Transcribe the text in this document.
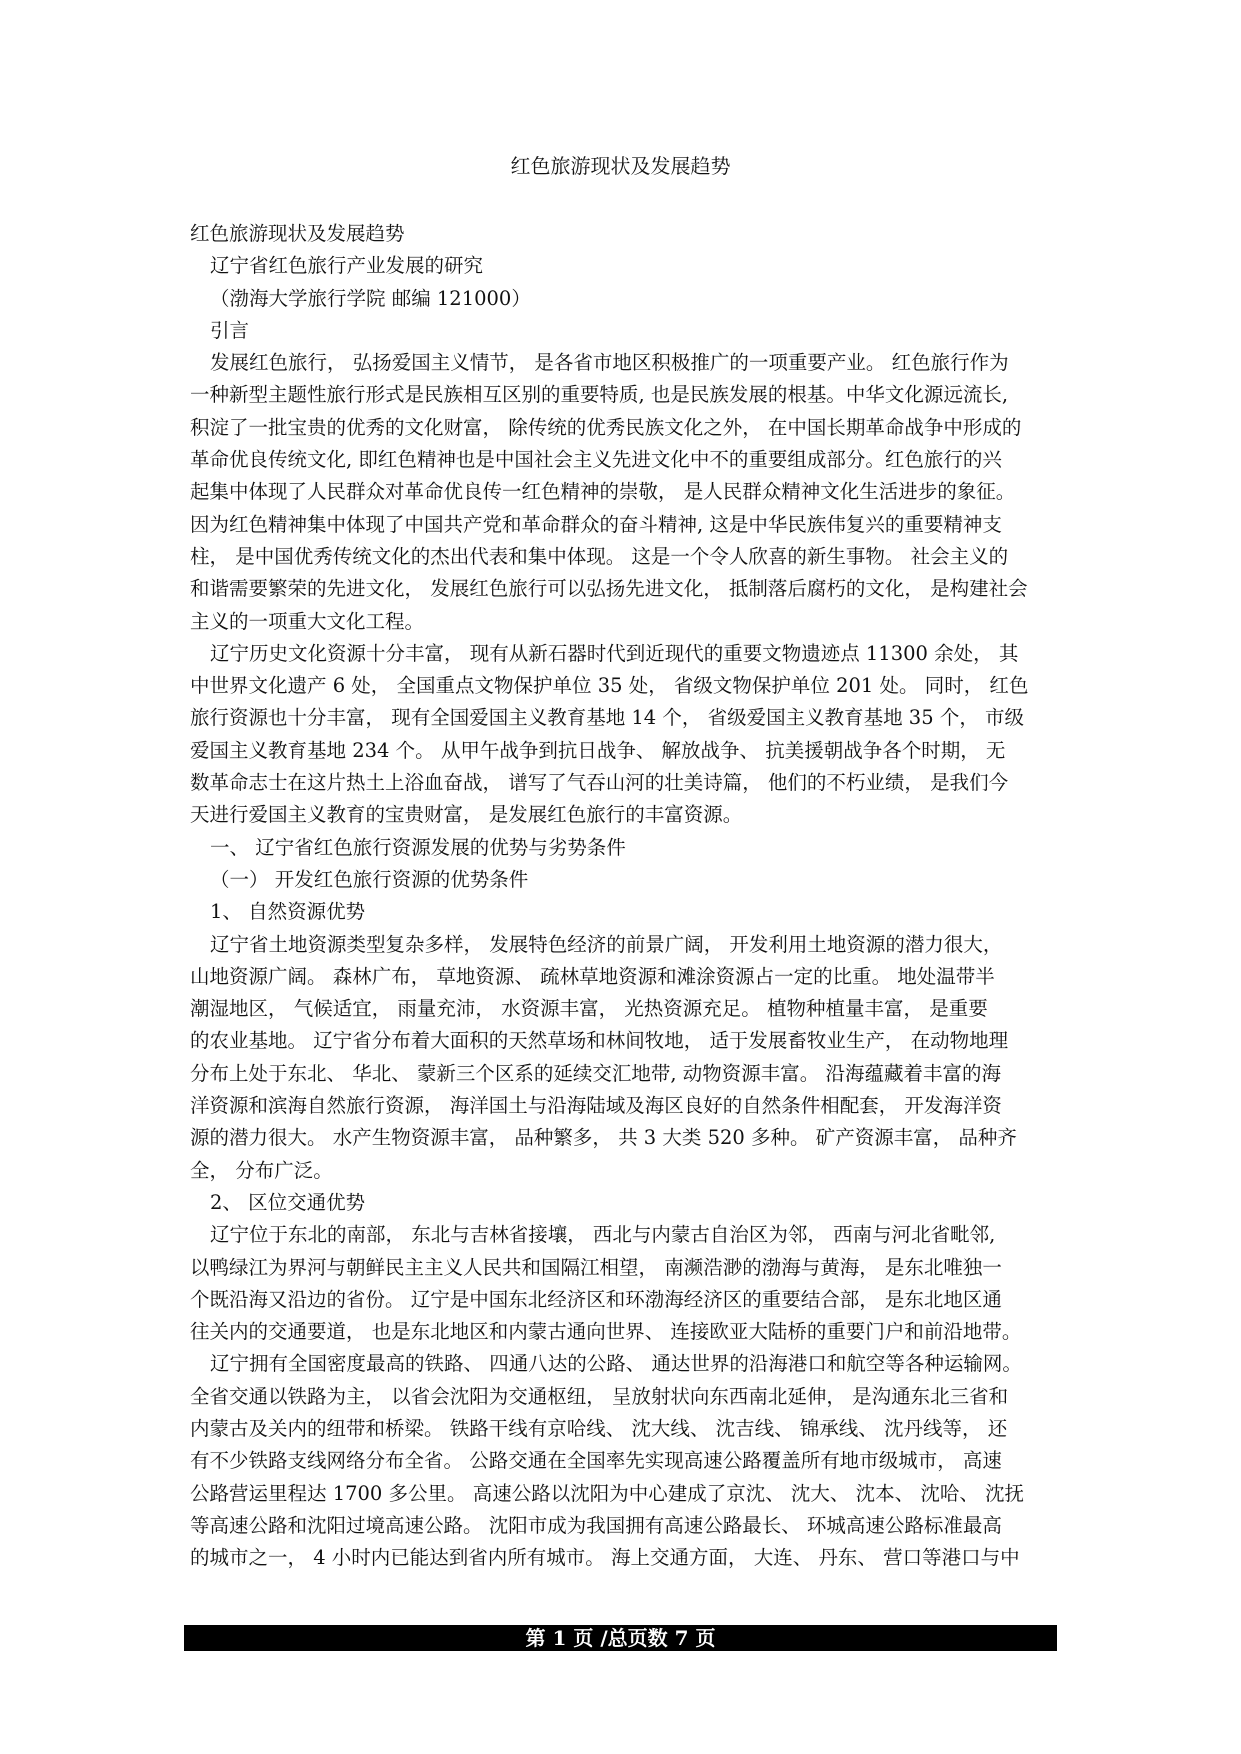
红色旅游现状及发展趋势
红色旅游现状及发展趋势
辽宁省红色旅行产业发展的研究
（渤海大学旅行学院 邮编 121000）
引言
发展红色旅行， 弘扬爱国主义情节， 是各省市地区积极推广的一项重要产业。 红色旅行作为
一种新型主题性旅行形式是民族相互区别的重要特质, 也是民族发展的根基。中华文化源远流长,
积淀了一批宝贵的优秀的文化财富， 除传统的优秀民族文化之外， 在中国长期革命战争中形成的
革命优良传统文化, 即红色精神也是中国社会主义先进文化中不的重要组成部分。红色旅行的兴
起集中体现了人民群众对革命优良传一红色精神的崇敬， 是人民群众精神文化生活进步的象征。
因为红色精神集中体现了中国共产党和革命群众的奋斗精神, 这是中华民族伟复兴的重要精神支
柱， 是中国优秀传统文化的杰出代表和集中体现。 这是一个令人欣喜的新生事物。 社会主义的
和谐需要繁荣的先进文化， 发展红色旅行可以弘扬先进文化， 抵制落后腐朽的文化， 是构建社会
主义的一项重大文化工程。
辽宁历史文化资源十分丰富， 现有从新石器时代到近现代的重要文物遗迹点 11300 余处， 其
中世界文化遗产 6 处， 全国重点文物保护单位 35 处， 省级文物保护单位 201 处。 同时， 红色
旅行资源也十分丰富， 现有全国爱国主义教育基地 14 个， 省级爱国主义教育基地 35 个， 市级
爱国主义教育基地 234 个。 从甲午战争到抗日战争、 解放战争、 抗美援朝战争各个时期， 无
数革命志士在这片热土上浴血奋战， 谱写了气吞山河的壮美诗篇， 他们的不朽业绩， 是我们今
天进行爱国主义教育的宝贵财富， 是发展红色旅行的丰富资源。
一、 辽宁省红色旅行资源发展的优势与劣势条件
（一） 开发红色旅行资源的优势条件
1、 自然资源优势
辽宁省土地资源类型复杂多样， 发展特色经济的前景广阔， 开发利用土地资源的潜力很大，
山地资源广阔。 森林广布， 草地资源、 疏林草地资源和滩涂资源占一定的比重。 地处温带半
潮湿地区， 气候适宜， 雨量充沛， 水资源丰富， 光热资源充足。 植物种植量丰富， 是重要
的农业基地。 辽宁省分布着大面积的天然草场和林间牧地， 适于发展畜牧业生产， 在动物地理
分布上处于东北、 华北、 蒙新三个区系的延续交汇地带, 动物资源丰富。 沿海蕴藏着丰富的海
洋资源和滨海自然旅行资源， 海洋国土与沿海陆域及海区良好的自然条件相配套， 开发海洋资
源的潜力很大。 水产生物资源丰富， 品种繁多， 共 3 大类 520 多种。 矿产资源丰富， 品种齐
全， 分布广泛。
2、 区位交通优势
辽宁位于东北的南部， 东北与吉林省接壤， 西北与内蒙古自治区为邻， 西南与河北省毗邻,
以鸭绿江为界河与朝鲜民主主义人民共和国隔江相望， 南濒浩渺的渤海与黄海， 是东北唯独一
个既沿海又沿边的省份。 辽宁是中国东北经济区和环渤海经济区的重要结合部， 是东北地区通
往关内的交通要道， 也是东北地区和内蒙古通向世界、 连接欧亚大陆桥的重要门户和前沿地带。
辽宁拥有全国密度最高的铁路、 四通八达的公路、 通达世界的沿海港口和航空等各种运输网。
全省交通以铁路为主， 以省会沈阳为交通枢纽， 呈放射状向东西南北延伸， 是沟通东北三省和
内蒙古及关内的纽带和桥梁。 铁路干线有京哈线、 沈大线、 沈吉线、 锦承线、 沈丹线等， 还
有不少铁路支线网络分布全省。 公路交通在全国率先实现高速公路覆盖所有地市级城市， 高速
公路营运里程达 1700 多公里。 高速公路以沈阳为中心建成了京沈、 沈大、 沈本、 沈哈、 沈抚
等高速公路和沈阳过境高速公路。 沈阳市成为我国拥有高速公路最长、 环城高速公路标准最高
的城市之一， 4 小时内已能达到省内所有城市。 海上交通方面， 大连、 丹东、 营口等港口与中
第 1 页 /总页数 7 页
